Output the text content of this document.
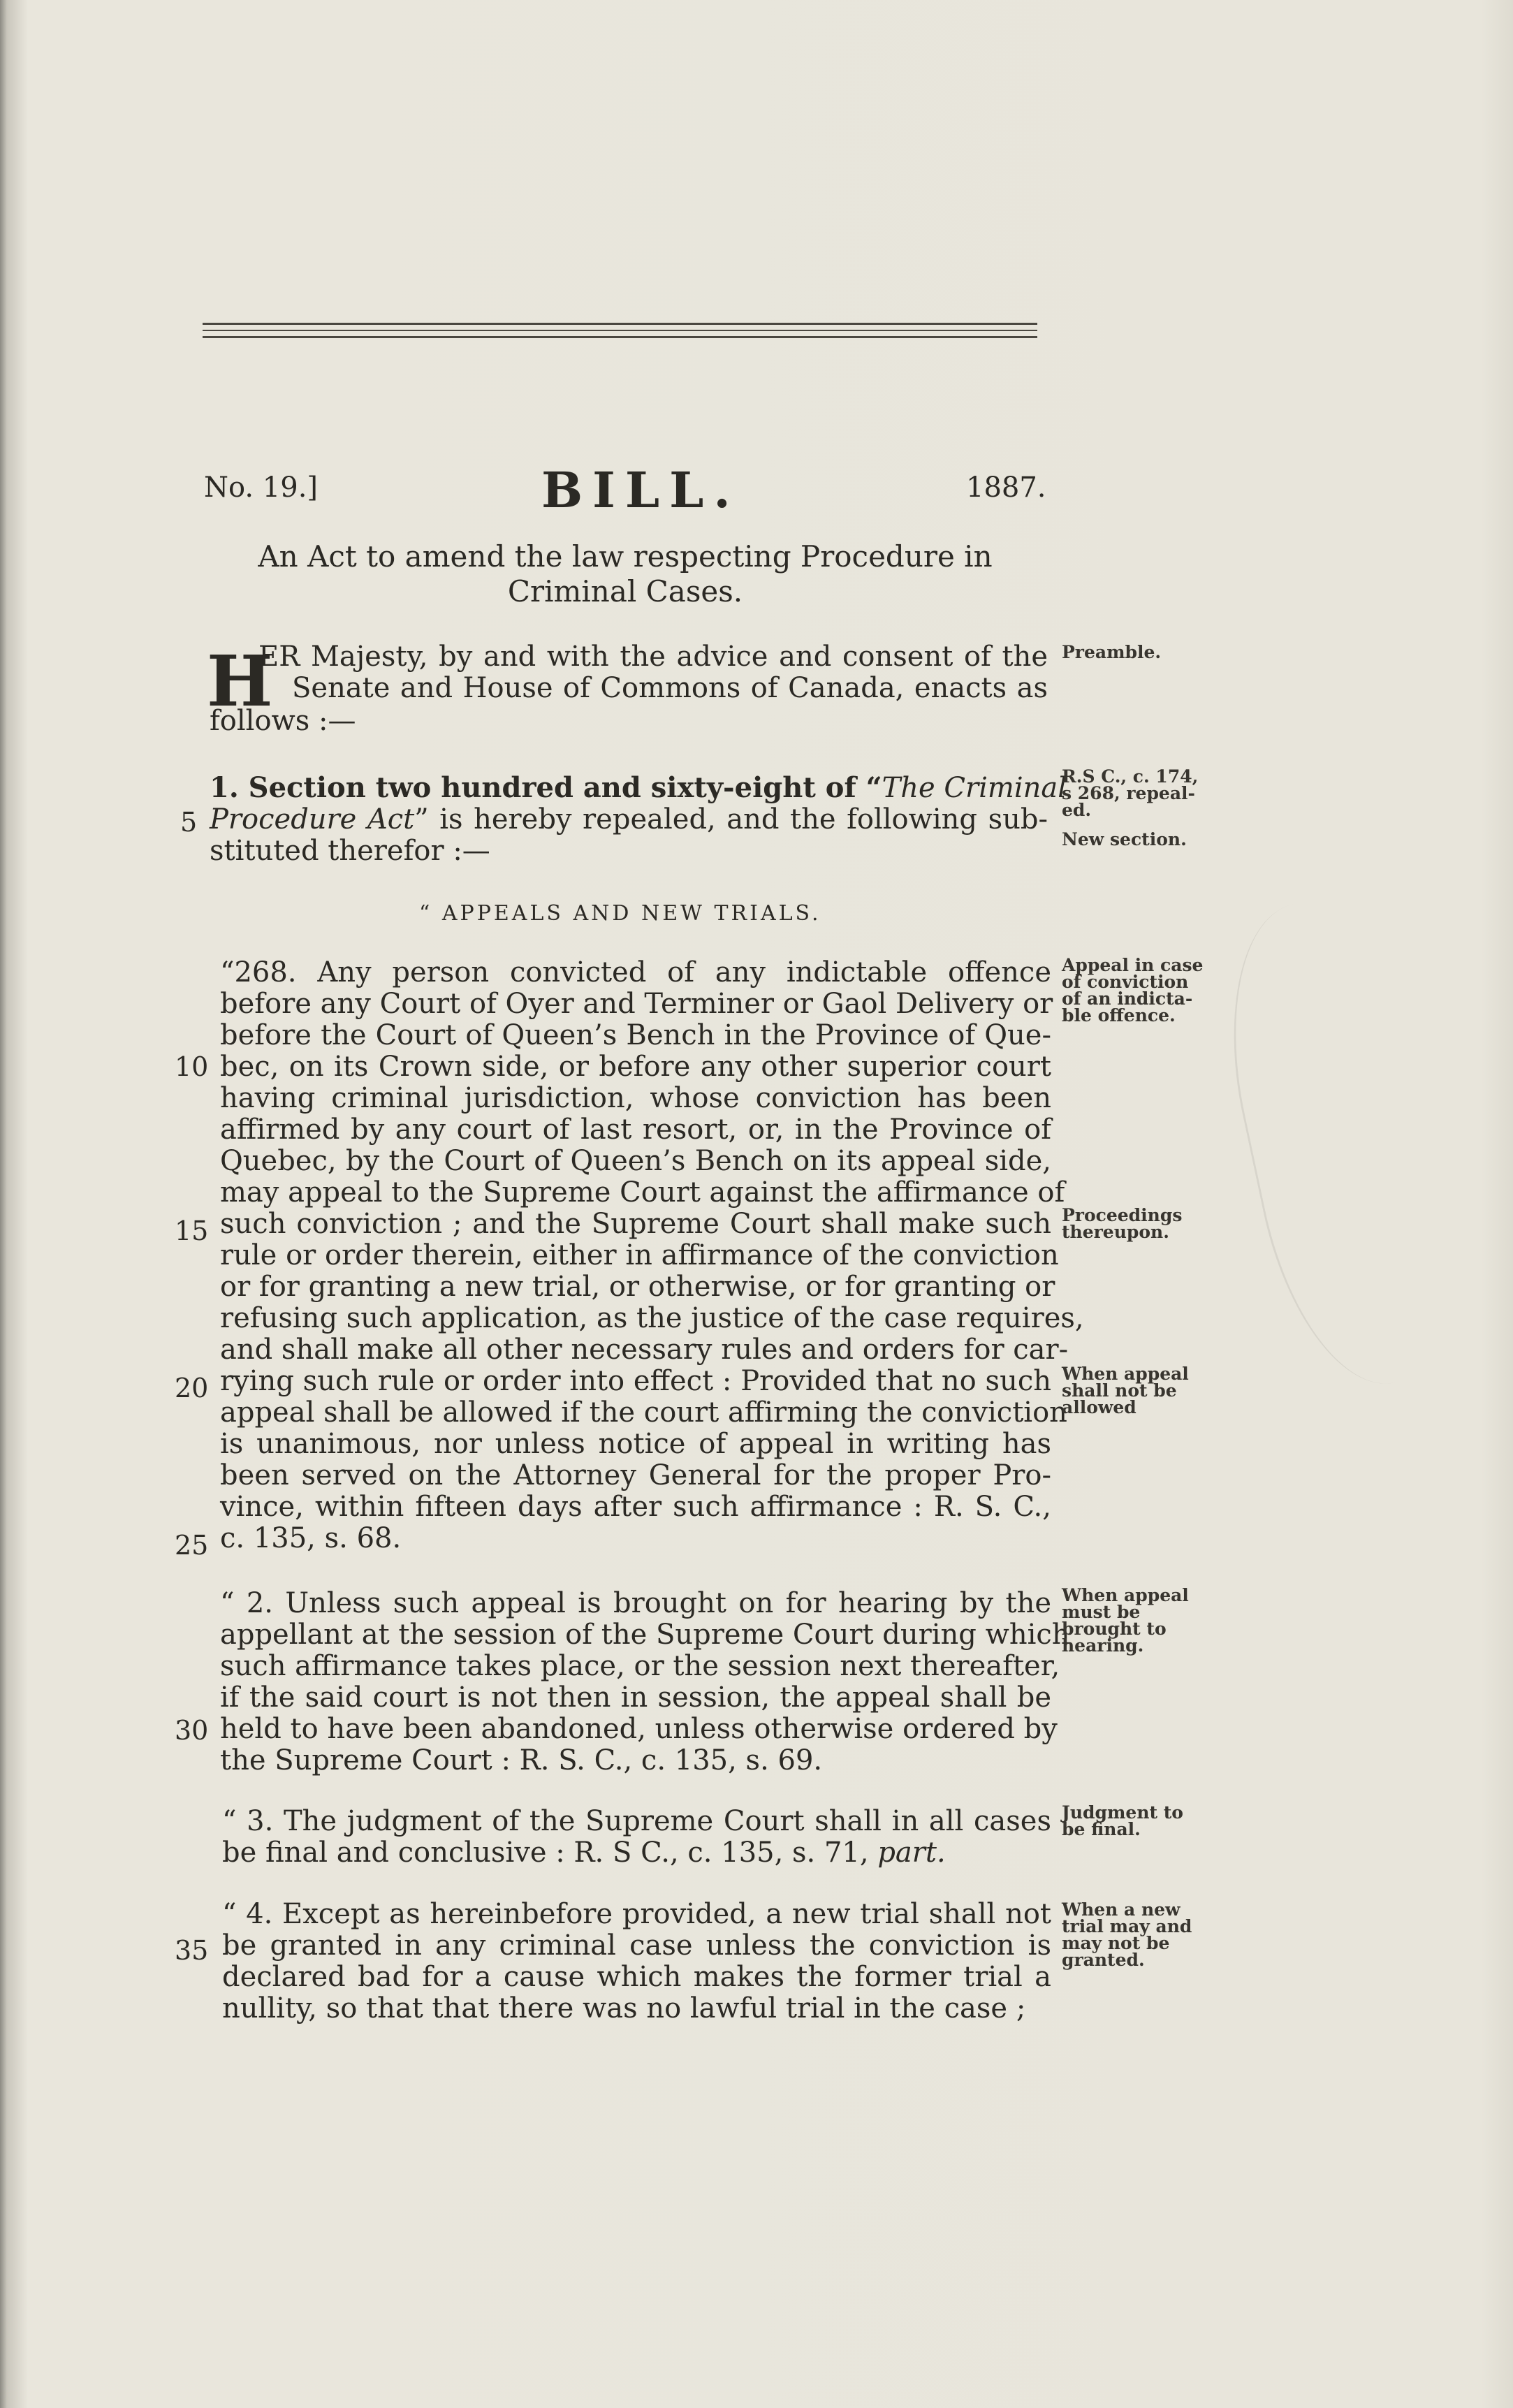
No. 19.]	BILL.	1887.
An Act to amend the law respecting Procedure in
Criminal Cases.
H
ER Majesty, by and with the advice and consent of the
Senate and House of Commons of Canada, enacts as
follows :—
Preamble.
1. Section two hundred and sixty-eight of “The Criminal
Procedure Act” is hereby repealed, and the following sub-
stituted therefor :—
R.S C., c. 174,
s 268, repeal-
ed.
New section.
“ APPEALS AND NEW TRIALS.
“268. Any person convicted of any indictable offence
before any Court of Oyer and Terminer or Gaol Delivery or
before the Court of Queen’s Bench in the Province of Que-
bec, on its Crown side, or before any other superior court
having criminal jurisdiction, whose conviction has been
affirmed by any court of last resort, or, in the Province of
Quebec, by the Court of Queen’s Bench on its appeal side,
may appeal to the Supreme Court against the affirmance of
such conviction ; and the Supreme Court shall make such
rule or order therein, either in affirmance of the conviction
or for granting a new trial, or otherwise, or for granting or
refusing such application, as the justice of the case requires,
and shall make all other necessary rules and orders for car-
rying such rule or order into effect : Provided that no such
appeal shall be allowed if the court affirming the conviction
is unanimous, nor unless notice of appeal in writing has
been served on the Attorney General for the proper Pro-
vince, within fifteen days after such affirmance : R. S. C.,
c. 135, s. 68.
Appeal in case
of conviction
of an indicta-
ble offence.
Proceedings
thereupon.
When appeal
shall not be
allowed
“ 2. Unless such appeal is brought on for hearing by the
appellant at the session of the Supreme Court during which
such affirmance takes place, or the session next thereafter,
if the said court is not then in session, the appeal shall be
held to have been abandoned, unless otherwise ordered by
the Supreme Court : R. S. C., c. 135, s. 69.
When appeal
must be
brought to
hearing.
“ 3. The judgment of the Supreme Court shall in all cases
be final and conclusive : R. S C., c. 135, s. 71, part.
Judgment to
be final.
“ 4. Except as hereinbefore provided, a new trial shall not
be granted in any criminal case unless the conviction is
declared bad for a cause which makes the former trial a
nullity, so that that there was no lawful trial in the case ;
When a new
trial may and
may not be
granted.
5
10
15
20
25
30
35
